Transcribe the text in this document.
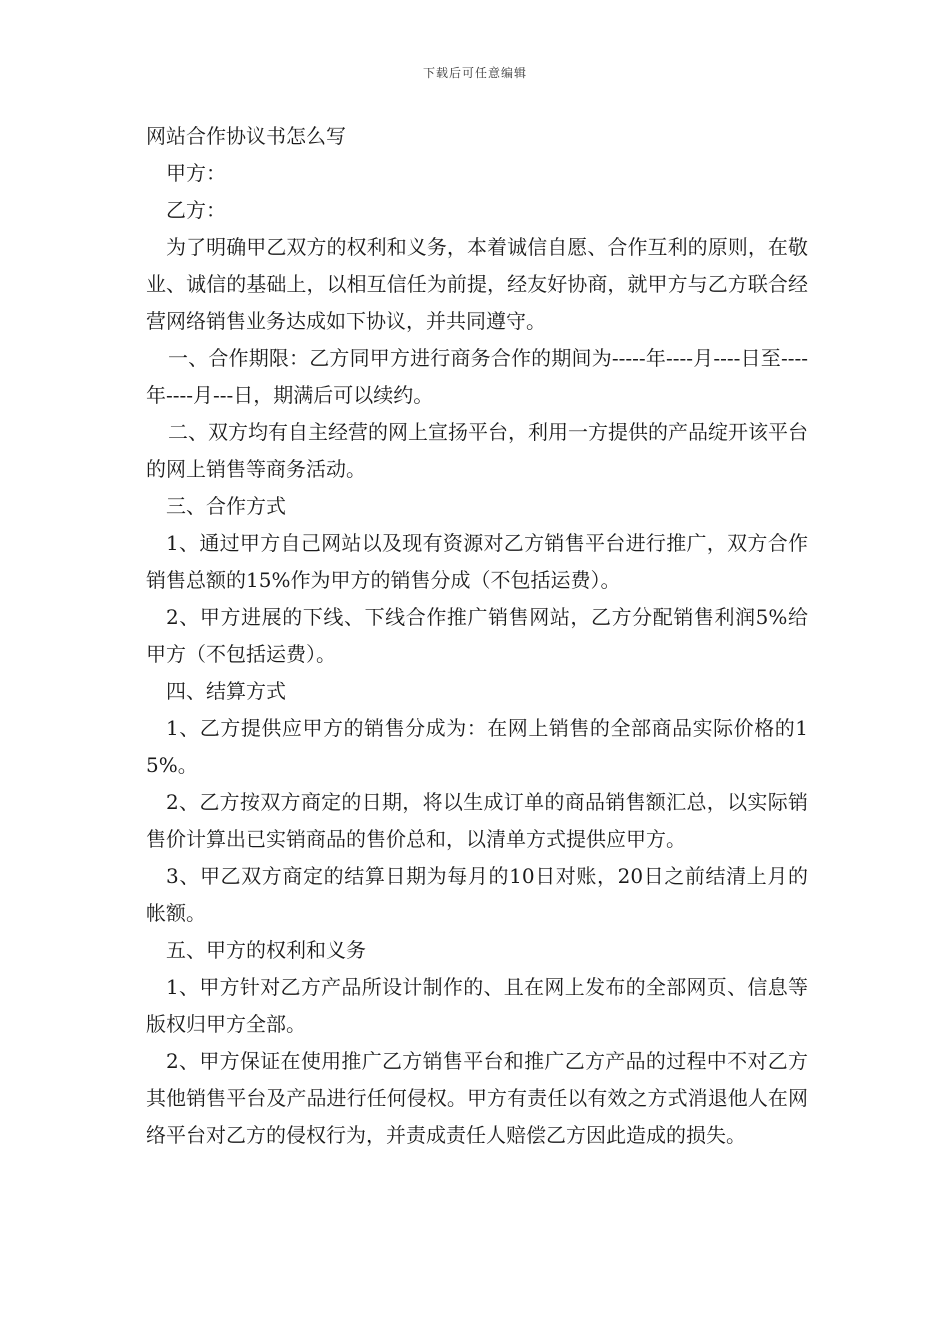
下载后可任意编辑

网站合作协议书怎么写

甲方：

乙方：

为了明确甲乙双方的权利和义务，本着诚信自愿、合作互利的原则，在敬业、诚信的基础上，以相互信任为前提，经友好协商，就甲方与乙方联合经营网络销售业务达成如下协议，并共同遵守。

一、合作期限：乙方同甲方进行商务合作的期间为-----年----月----日至----年----月---日，期满后可以续约。

二、双方均有自主经营的网上宣扬平台，利用一方提供的产品绽开该平台的网上销售等商务活动。

三、合作方式

1、通过甲方自己网站以及现有资源对乙方销售平台进行推广，双方合作销售总额的15%作为甲方的销售分成（不包括运费）。

2、甲方进展的下线、下线合作推广销售网站，乙方分配销售利润5%给甲方（不包括运费）。

四、结算方式

1、乙方提供应甲方的销售分成为：在网上销售的全部商品实际价格的15%。

2、乙方按双方商定的日期，将以生成订单的商品销售额汇总，以实际销售价计算出已实销商品的售价总和，以清单方式提供应甲方。

3、甲乙双方商定的结算日期为每月的10日对账，20日之前结清上月的帐额。

五、甲方的权利和义务

1、甲方针对乙方产品所设计制作的、且在网上发布的全部网页、信息等版权归甲方全部。

2、甲方保证在使用推广乙方销售平台和推广乙方产品的过程中不对乙方其他销售平台及产品进行任何侵权。甲方有责任以有效之方式消退他人在网络平台对乙方的侵权行为，并责成责任人赔偿乙方因此造成的损失。
